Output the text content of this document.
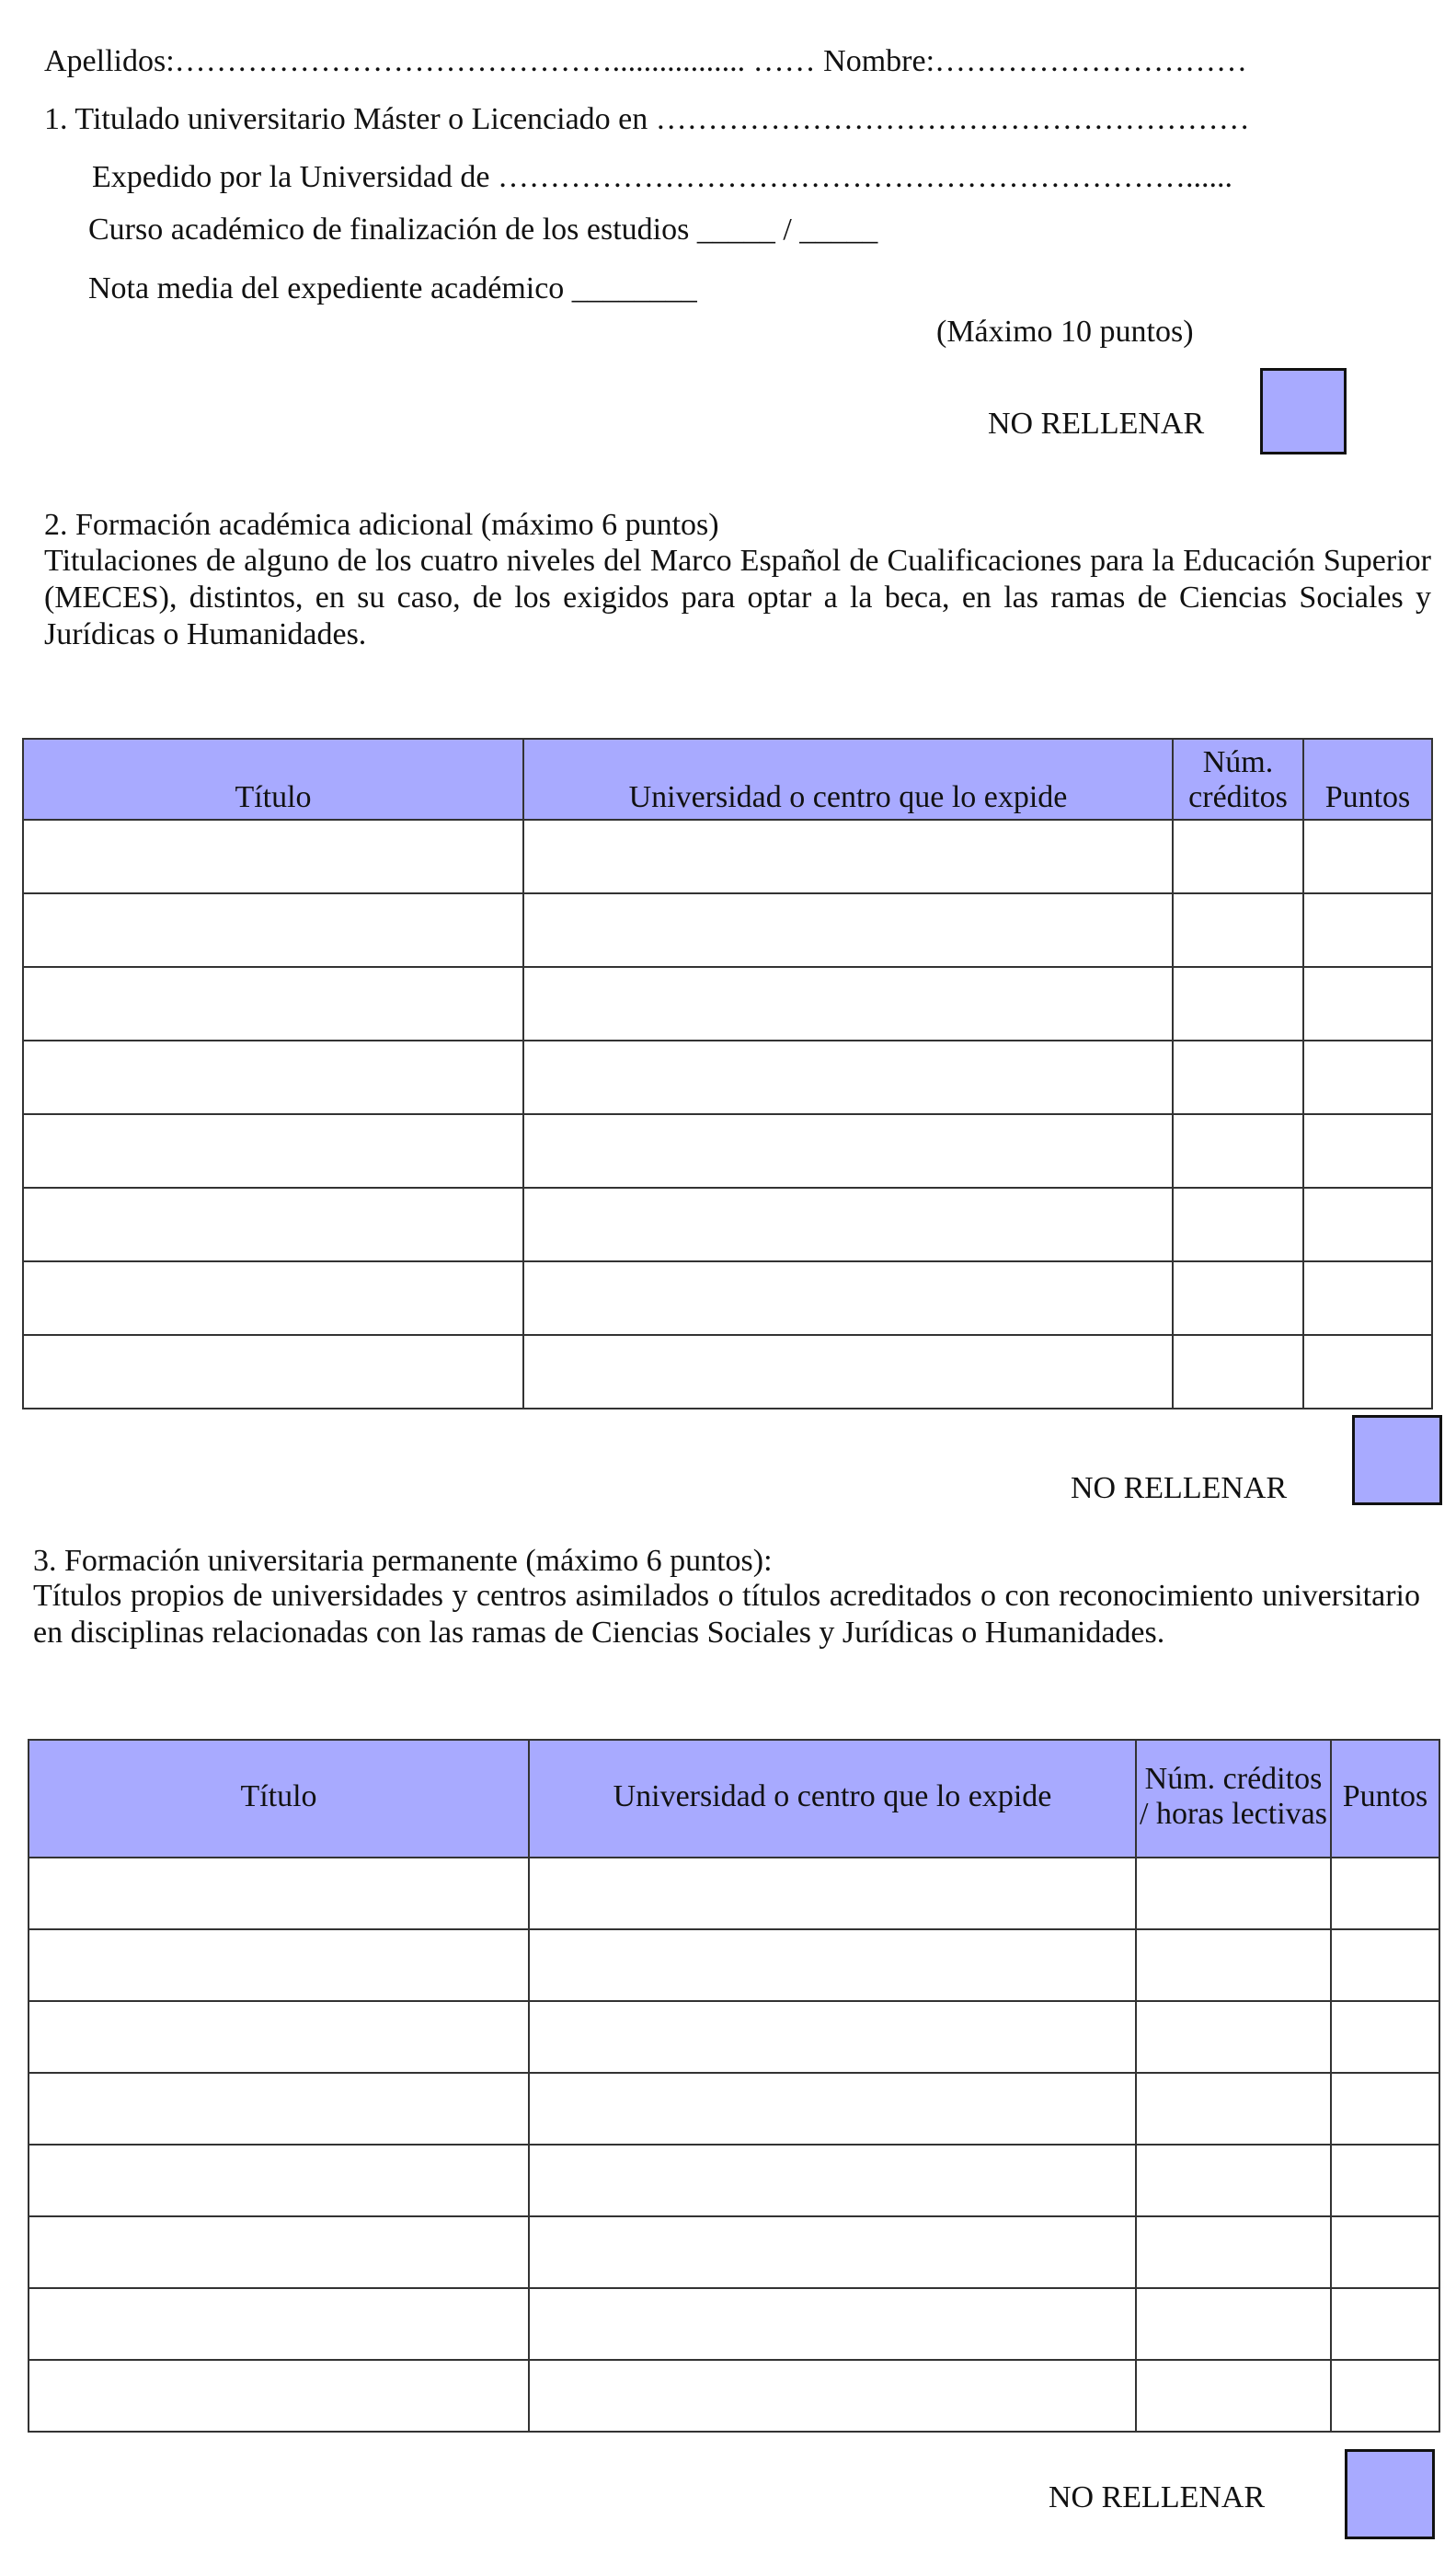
Apellidos:……………………………………................. …… Nombre:…………………………
1. Titulado universitario Máster o Licenciado en …………………………………………………
Expedido por la Universidad de …………………………………………………………......
Curso académico de finalización de los estudios _____ / _____
Nota media del expediente académico ________
(Máximo 10 puntos)
NO RELLENAR
2. Formación académica adicional (máximo 6 puntos)
Titulaciones de alguno de los cuatro niveles del Marco Español de Cualificaciones para la Educación Superior (MECES), distintos, en su caso, de los exigidos para optar a la beca, en las ramas de Ciencias Sociales y Jurídicas o Humanidades.
Título	Universidad o centro que lo expide	Núm. créditos	Puntos

NO RELLENAR
3. Formación universitaria permanente (máximo 6 puntos):
Títulos propios de universidades y centros asimilados o títulos acreditados o con reconocimiento universitario en disciplinas relacionadas con las ramas de Ciencias Sociales y Jurídicas o Humanidades.
Título	Universidad o centro que lo expide	Núm. créditos / horas lectivas	Puntos

NO RELLENAR
